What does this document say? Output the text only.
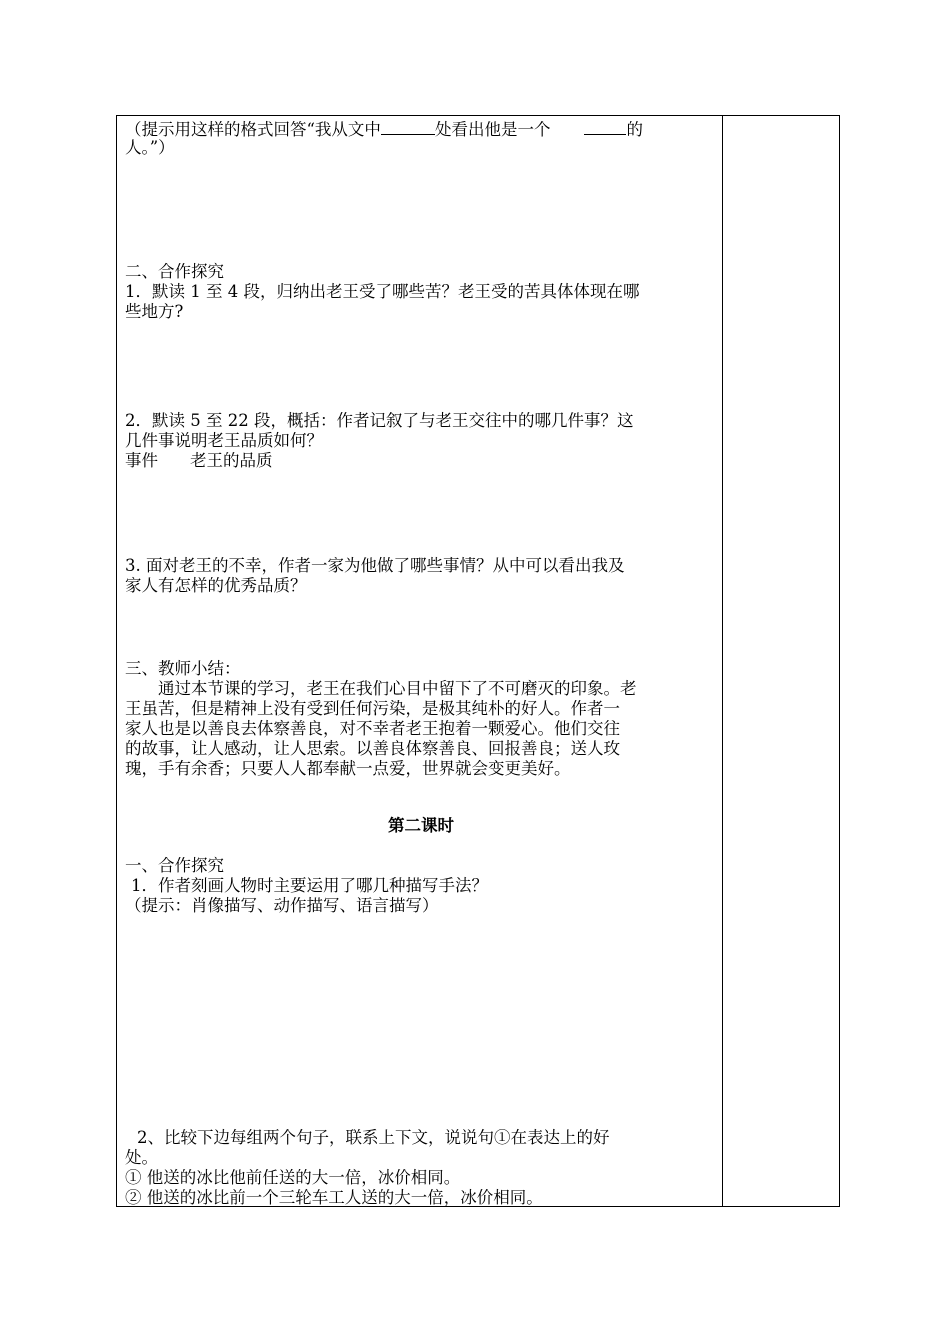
（提示用这样的格式回答“我从文中	处看出他是一个	的

人。”）

二、合作探究

1．默读 1 至 4 段，归纳出老王受了哪些苦？老王受的苦具体体现在哪

些地方?

2．默读 5 至 22 段，概括：作者记叙了与老王交往中的哪几件事？这

几件事说明老王品质如何？

事件 老王的品质

3. 面对老王的不幸，作者一家为他做了哪些事情？从中可以看出我及

家人有怎样的优秀品质？

三、教师小结：

通过本节课的学习，老王在我们心目中留下了不可磨灭的印象。老

王虽苦，但是精神上没有受到任何污染，是极其纯朴的好人。作者一

家人也是以善良去体察善良，对不幸者老王抱着一颗爱心。他们交往

的故事，让人感动，让人思索。以善良体察善良、回报善良；送人玫

瑰，手有余香；只要人人都奉献一点爱，世界就会变更美好。

第二课时

一、合作探究

1．作者刻画人物时主要运用了哪几种描写手法？

（提示：肖像描写、动作描写、语言描写）

2、比较下边每组两个句子，联系上下文，说说句①在表达上的好

处。

① 他送的冰比他前任送的大一倍，冰价相同。

② 他送的冰比前一个三轮车工人送的大一倍，冰价相同。
